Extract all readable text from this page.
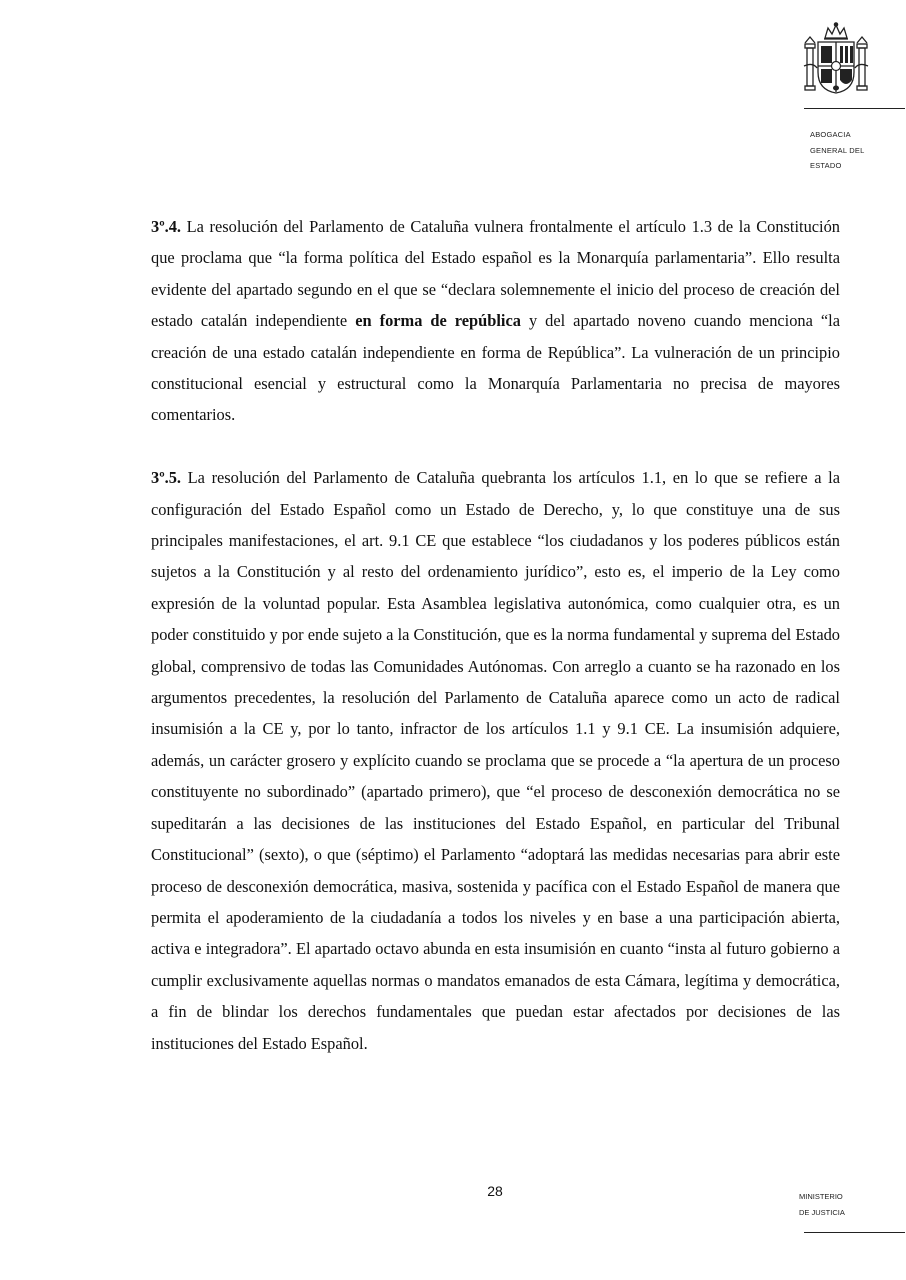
ABOGACIA
GENERAL DEL
ESTADO

3º.4. La resolución del Parlamento de Cataluña vulnera frontalmente el artículo 1.3 de la Constitución que proclama que “la forma política del Estado español es la Monarquía parlamentaria”. Ello resulta evidente del apartado segundo en el que se “declara solemnemente el inicio del proceso de creación del estado catalán independiente en forma de república y del apartado noveno cuando menciona “la creación de una estado catalán independiente en forma de República”. La vulneración de un principio constitucional esencial y estructural como la Monarquía Parlamentaria no precisa de mayores comentarios.

3º.5. La resolución del Parlamento de Cataluña quebranta los artículos 1.1, en lo que se refiere a la configuración del Estado Español como un Estado de Derecho, y, lo que constituye una de sus principales manifestaciones, el art. 9.1 CE que establece “los ciudadanos y los poderes públicos están sujetos a la Constitución y al resto del ordenamiento jurídico”, esto es, el imperio de la Ley como expresión de la voluntad popular. Esta Asamblea legislativa autonómica, como cualquier otra, es un poder constituido y por ende sujeto a la Constitución, que es la norma fundamental y suprema del Estado global, comprensivo de todas las Comunidades Autónomas. Con arreglo a cuanto se ha razonado en los argumentos precedentes, la resolución del Parlamento de Cataluña aparece como un acto de radical insumisión a la CE y, por lo tanto, infractor de los artículos 1.1 y 9.1 CE. La insumisión adquiere, además, un carácter grosero y explícito cuando se proclama que se procede a “la apertura de un proceso constituyente no subordinado” (apartado primero), que “el proceso de desconexión democrática no se supeditarán a las decisiones de las instituciones del Estado Español, en particular del Tribunal Constitucional” (sexto), o que (séptimo) el Parlamento “adoptará las medidas necesarias para abrir este proceso de desconexión democrática, masiva, sostenida y pacífica con el Estado Español de manera que permita el apoderamiento de la ciudadanía a todos los niveles y en base a una participación abierta, activa e integradora”. El apartado octavo abunda en esta insumisión en cuanto “insta al futuro gobierno a cumplir exclusivamente aquellas normas o mandatos emanados de esta Cámara, legítima y democrática, a fin de blindar los derechos fundamentales que puedan estar afectados por decisiones de las instituciones del Estado Español.

28	MINISTERIO
DE JUSTICIA
